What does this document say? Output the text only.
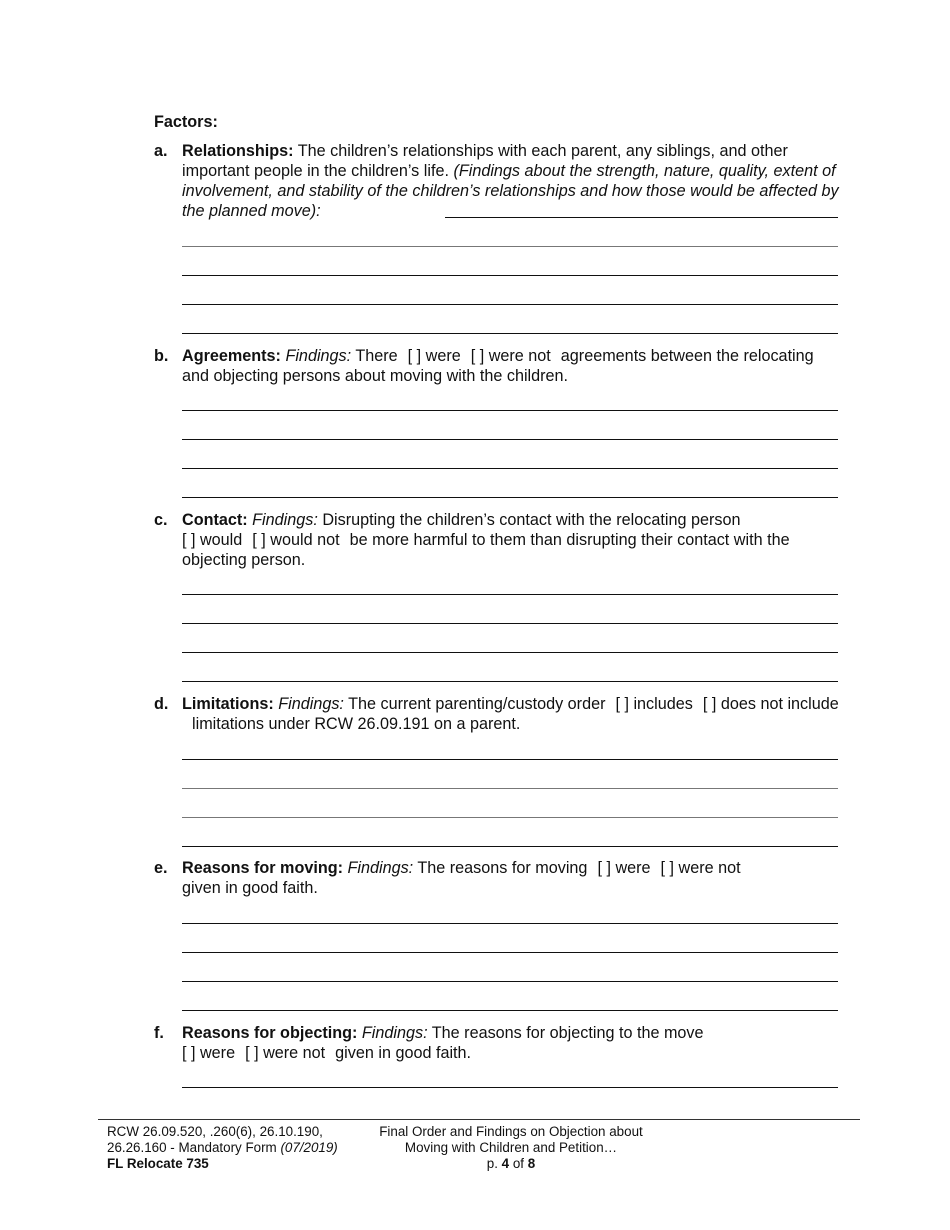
Factors:
a. Relationships: The children’s relationships with each parent, any siblings, and other important people in the children’s life. (Findings about the strength, nature, quality, extent of involvement, and stability of the children’s relationships and how those would be affected by the planned move):
b. Agreements: Findings: There [ ] were [ ] were not agreements between the relocating and objecting persons about moving with the children.
c. Contact: Findings: Disrupting the children’s contact with the relocating person
[ ] would [ ] would not be more harmful to them than disrupting their contact with the objecting person.
d. Limitations: Findings: The current parenting/custody order [ ] includes [ ] does not includelimitations under RCW 26.09.191 on a parent.
e. Reasons for moving: Findings: The reasons for moving [ ] were [ ] were not
given in good faith.
f. Reasons for objecting: Findings: The reasons for objecting to the move
[ ] were [ ] were not given in good faith.
RCW 26.09.520, .260(6), 26.10.190,
26.26.160 - Mandatory Form (07/2019)
FL Relocate 735
Final Order and Findings on Objection about
Moving with Children and Petition…
p. 4 of 8
